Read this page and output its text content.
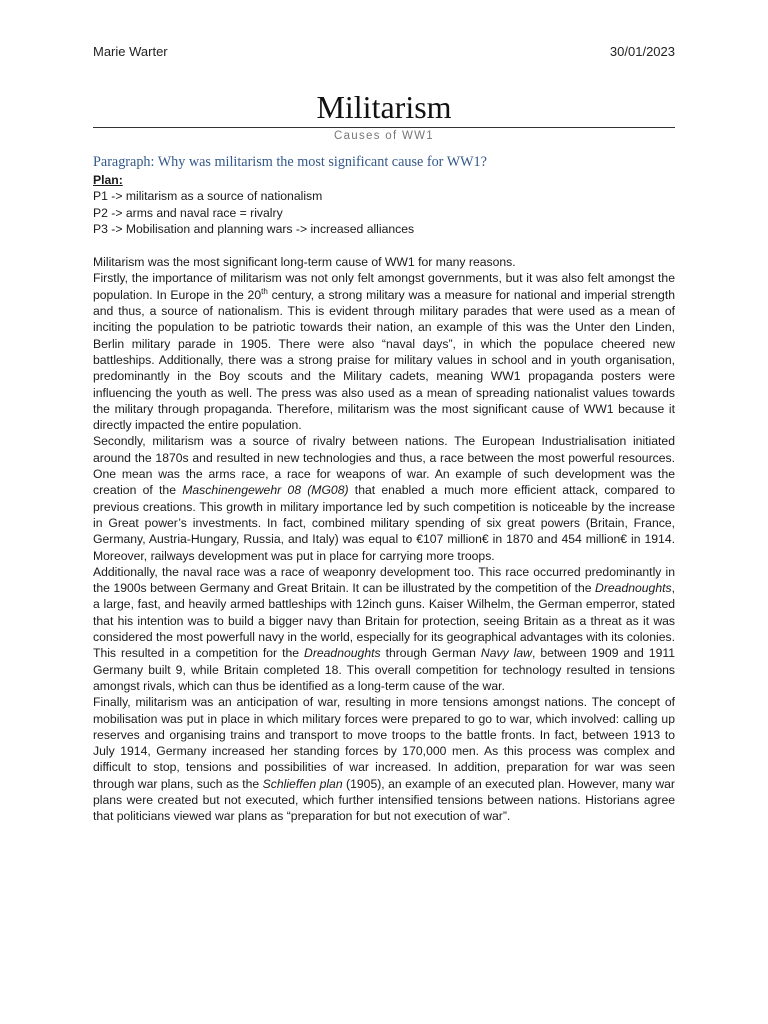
Marie Warter	30/01/2023
Militarism
Causes of WW1
Paragraph: Why was militarism the most significant cause for WW1?
Plan:
P1 -> militarism as a source of nationalism
P2 -> arms and naval race = rivalry
P3 -> Mobilisation and planning wars -> increased alliances

Militarism was the most significant long-term cause of WW1 for many reasons.

Firstly, the importance of militarism was not only felt amongst governments, but it was also felt amongst the population. In Europe in the 20th century, a strong military was a measure for national and imperial strength and thus, a source of nationalism. This is evident through military parades that were used as a mean of inciting the population to be patriotic towards their nation, an example of this was the Unter den Linden, Berlin military parade in 1905. There were also “naval days”, in which the populace cheered new battleships. Additionally, there was a strong praise for military values in school and in youth organisation, predominantly in the Boy scouts and the Military cadets, meaning WW1 propaganda posters were influencing the youth as well. The press was also used as a mean of spreading nationalist values towards the military through propaganda. Therefore, militarism was the most significant cause of WW1 because it directly impacted the entire population.

Secondly, militarism was a source of rivalry between nations. The European Industrialisation initiated around the 1870s and resulted in new technologies and thus, a race between the most powerful resources. One mean was the arms race, a race for weapons of war. An example of such development was the creation of the Maschinengewehr 08 (MG08) that enabled a much more efficient attack, compared to previous creations. This growth in military importance led by such competition is noticeable by the increase in Great power’s investments. In fact, combined military spending of six great powers (Britain, France, Germany, Austria-Hungary, Russia, and Italy) was equal to €107 million€ in 1870 and 454 million€ in 1914. Moreover, railways development was put in place for carrying more troops.

Additionally, the naval race was a race of weaponry development too. This race occurred predominantly in the 1900s between Germany and Great Britain. It can be illustrated by the competition of the Dreadnoughts, a large, fast, and heavily armed battleships with 12inch guns. Kaiser Wilhelm, the German emperror, stated that his intention was to build a bigger navy than Britain for protection, seeing Britain as a threat as it was considered the most powerfull navy in the world, especially for its geographical advantages with its colonies. This resulted in a competition for the Dreadnoughts through German Navy law, between 1909 and 1911 Germany built 9, while Britain completed 18. This overall competition for technology resulted in tensions amongst rivals, which can thus be identified as a long-term cause of the war.

Finally, militarism was an anticipation of war, resulting in more tensions amongst nations. The concept of mobilisation was put in place in which military forces were prepared to go to war, which involved: calling up reserves and organising trains and transport to move troops to the battle fronts. In fact, between 1913 to July 1914, Germany increased her standing forces by 170,000 men. As this process was complex and difficult to stop, tensions and possibilities of war increased. In addition, preparation for war was seen through war plans, such as the Schlieffen plan (1905), an example of an executed plan. However, many war plans were created but not executed, which further intensified tensions between nations. Historians agree that politicians viewed war plans as “preparation for but not execution of war”.
